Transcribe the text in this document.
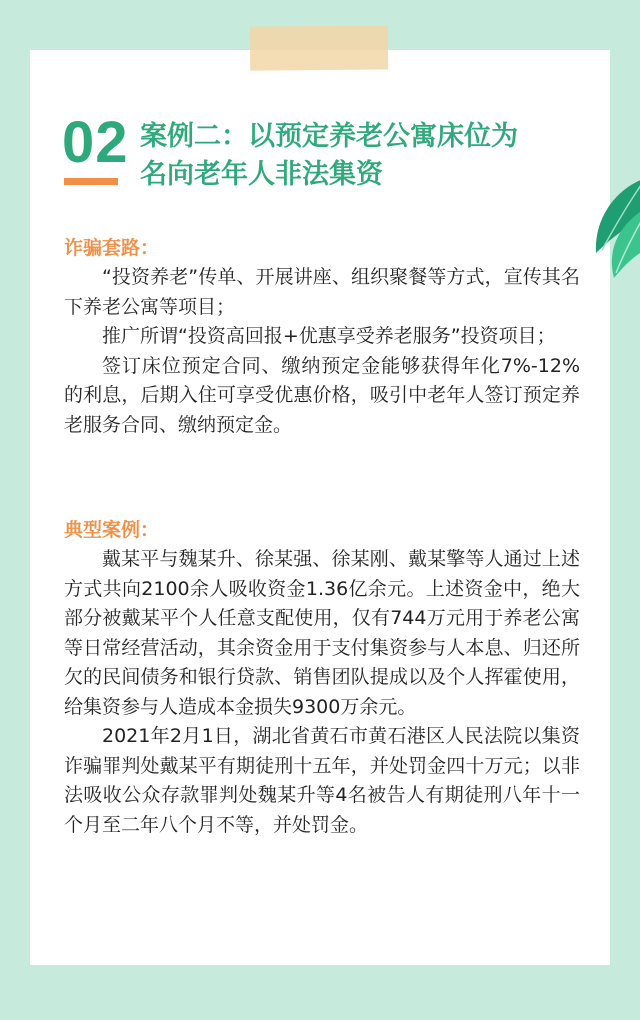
02 案例二：以预定养老公寓床位为
名向老年人非法集资
诈骗套路：

“投资养老”传单、开展讲座、组织聚餐等方式，宣传其名下养老公寓等项目；

推广所谓“投资高回报+优惠享受养老服务”投资项目；

签订床位预定合同、缴纳预定金能够获得年化7%-12%的利息，后期入住可享受优惠价格，吸引中老年人签订预定养老服务合同、缴纳预定金。

典型案例：

戴某平与魏某升、徐某强、徐某刚、戴某擎等人通过上述方式共向2100余人吸收资金1.36亿余元。上述资金中，绝大部分被戴某平个人任意支配使用，仅有744万元用于养老公寓等日常经营活动，其余资金用于支付集资参与人本息、归还所欠的民间债务和银行贷款、销售团队提成以及个人挥霍使用，给集资参与人造成本金损失9300万余元。

2021年2月1日，湖北省黄石市黄石港区人民法院以集资诈骗罪判处戴某平有期徒刑十五年，并处罚金四十万元；以非法吸收公众存款罪判处魏某升等4名被告人有期徒刑八年十一个月至二年八个月不等，并处罚金。
